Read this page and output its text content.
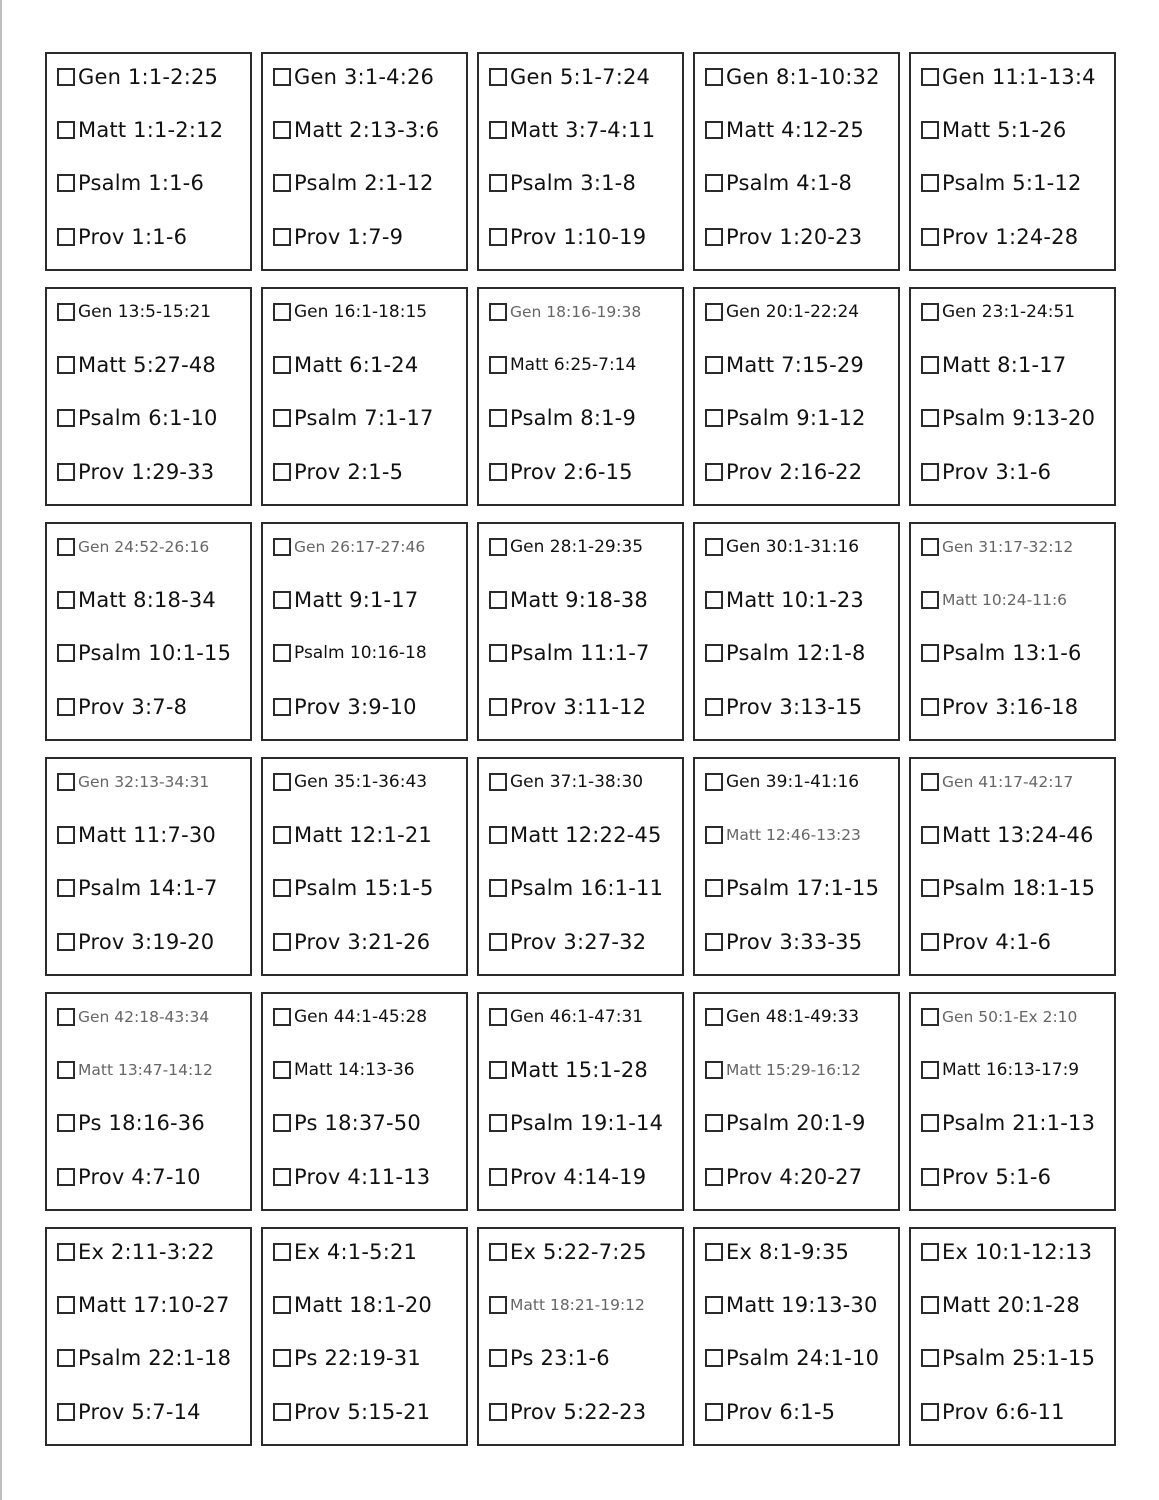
Gen 1:1-2:25
Matt 1:1-2:12
Psalm 1:1-6
Prov 1:1-6
Gen 3:1-4:26
Matt 2:13-3:6
Psalm 2:1-12
Prov 1:7-9
Gen 5:1-7:24
Matt 3:7-4:11
Psalm 3:1-8
Prov 1:10-19
Gen 8:1-10:32
Matt 4:12-25
Psalm 4:1-8
Prov 1:20-23
Gen 11:1-13:4
Matt 5:1-26
Psalm 5:1-12
Prov 1:24-28
Gen 13:5-15:21
Matt 5:27-48
Psalm 6:1-10
Prov 1:29-33
Gen 16:1-18:15
Matt 6:1-24
Psalm 7:1-17
Prov 2:1-5
Gen 18:16-19:38
Matt 6:25-7:14
Psalm 8:1-9
Prov 2:6-15
Gen 20:1-22:24
Matt 7:15-29
Psalm 9:1-12
Prov 2:16-22
Gen 23:1-24:51
Matt 8:1-17
Psalm 9:13-20
Prov 3:1-6
Gen 24:52-26:16
Matt 8:18-34
Psalm 10:1-15
Prov 3:7-8
Gen 26:17-27:46
Matt 9:1-17
Psalm 10:16-18
Prov 3:9-10
Gen 28:1-29:35
Matt 9:18-38
Psalm 11:1-7
Prov 3:11-12
Gen 30:1-31:16
Matt 10:1-23
Psalm 12:1-8
Prov 3:13-15
Gen 31:17-32:12
Matt 10:24-11:6
Psalm 13:1-6
Prov 3:16-18
Gen 32:13-34:31
Matt 11:7-30
Psalm 14:1-7
Prov 3:19-20
Gen 35:1-36:43
Matt 12:1-21
Psalm 15:1-5
Prov 3:21-26
Gen 37:1-38:30
Matt 12:22-45
Psalm 16:1-11
Prov 3:27-32
Gen 39:1-41:16
Matt 12:46-13:23
Psalm 17:1-15
Prov 3:33-35
Gen 41:17-42:17
Matt 13:24-46
Psalm 18:1-15
Prov 4:1-6
Gen 42:18-43:34
Matt 13:47-14:12
Ps 18:16-36
Prov 4:7-10
Gen 44:1-45:28
Matt 14:13-36
Ps 18:37-50
Prov 4:11-13
Gen 46:1-47:31
Matt 15:1-28
Psalm 19:1-14
Prov 4:14-19
Gen 48:1-49:33
Matt 15:29-16:12
Psalm 20:1-9
Prov 4:20-27
Gen 50:1-Ex 2:10
Matt 16:13-17:9
Psalm 21:1-13
Prov 5:1-6
Ex 2:11-3:22
Matt 17:10-27
Psalm 22:1-18
Prov 5:7-14
Ex 4:1-5:21
Matt 18:1-20
Ps 22:19-31
Prov 5:15-21
Ex 5:22-7:25
Matt 18:21-19:12
Ps 23:1-6
Prov 5:22-23
Ex 8:1-9:35
Matt 19:13-30
Psalm 24:1-10
Prov 6:1-5
Ex 10:1-12:13
Matt 20:1-28
Psalm 25:1-15
Prov 6:6-11
